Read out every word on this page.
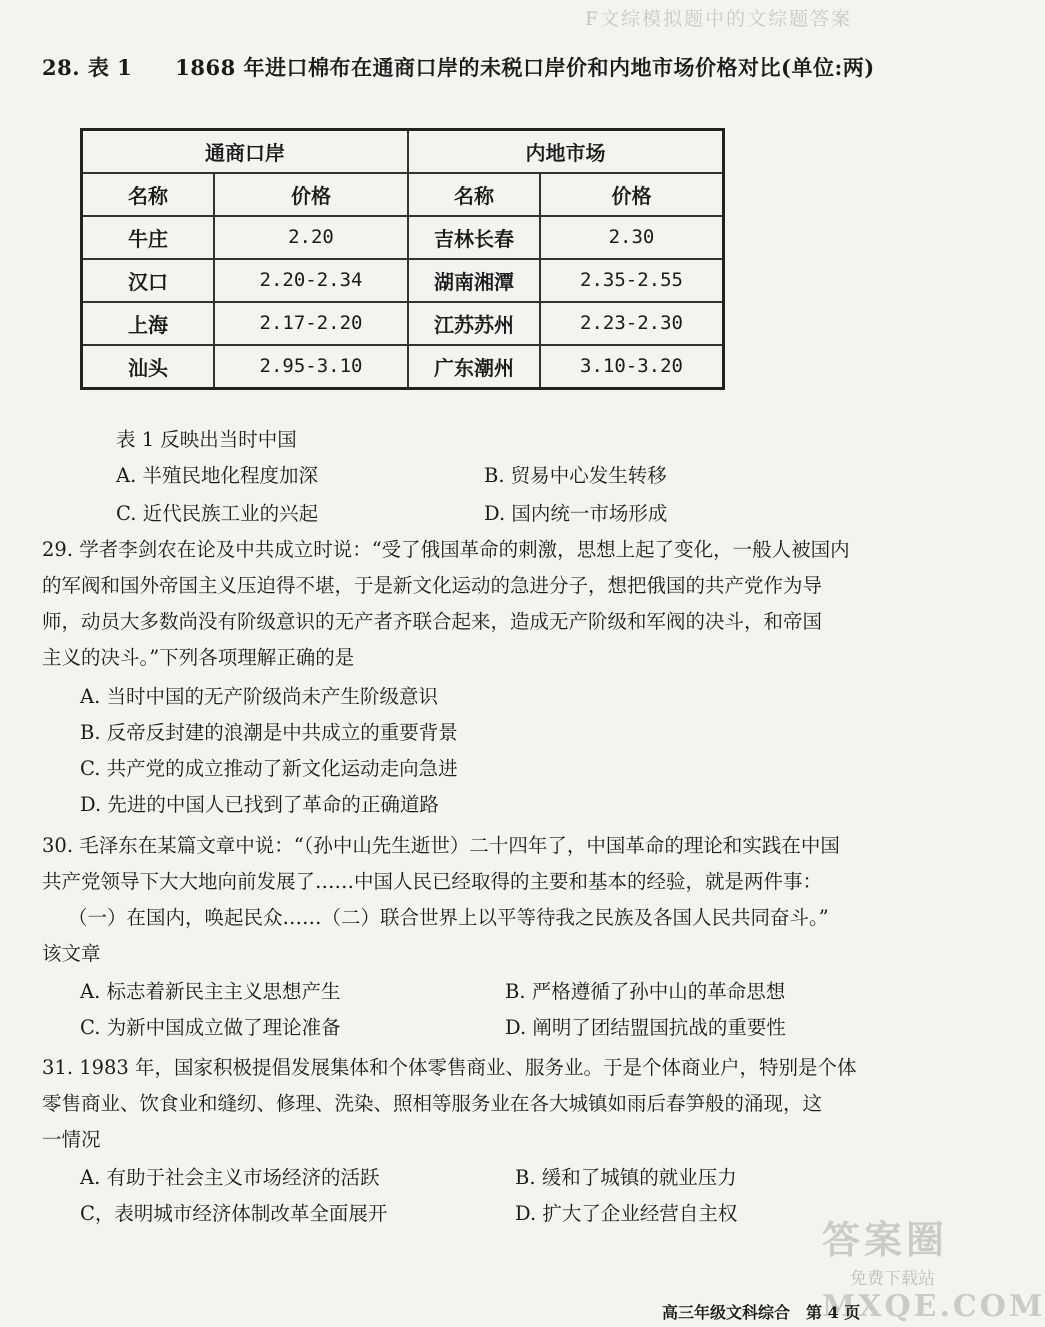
F文综模拟题中的文综题答案
28. 表 1　　1868 年进口棉布在通商口岸的未税口岸价和内地市场价格对比(单位:两)
通商口岸		内地市场	
名称	价格	名称	价格
牛庄	2.20	吉林长春	2.30
汉口	2.20-2.34	湖南湘潭	2.35-2.55
上海	2.17-2.20	江苏苏州	2.23-2.30
汕头	2.95-3.10	广东潮州	3.10-3.20
表 1 反映出当时中国
A. 半殖民地化程度加深	B. 贸易中心发生转移
C. 近代民族工业的兴起	D. 国内统一市场形成
29. 学者李剑农在论及中共成立时说：“受了俄国革命的刺激，思想上起了变化，一般人被国内
的军阀和国外帝国主义压迫得不堪，于是新文化运动的急进分子，想把俄国的共产党作为导
师，动员大多数尚没有阶级意识的无产者齐联合起来，造成无产阶级和军阀的决斗，和帝国
主义的决斗。”下列各项理解正确的是
A. 当时中国的无产阶级尚未产生阶级意识
B. 反帝反封建的浪潮是中共成立的重要背景
C. 共产党的成立推动了新文化运动走向急进
D. 先进的中国人已找到了革命的正确道路
30. 毛泽东在某篇文章中说：“（孙中山先生逝世）二十四年了，中国革命的理论和实践在中国
共产党领导下大大地向前发展了……中国人民已经取得的主要和基本的经验，就是两件事：
（一）在国内，唤起民众……（二）联合世界上以平等待我之民族及各国人民共同奋斗。”
该文章
A. 标志着新民主主义思想产生	B. 严格遵循了孙中山的革命思想
C. 为新中国成立做了理论准备	D. 阐明了团结盟国抗战的重要性
31. 1983 年，国家积极提倡发展集体和个体零售商业、服务业。于是个体商业户，特别是个体
零售商业、饮食业和缝纫、修理、洗染、照相等服务业在各大城镇如雨后春笋般的涌现，这
一情况
A. 有助于社会主义市场经济的活跃	B. 缓和了城镇的就业压力
C，表明城市经济体制改革全面展开	D. 扩大了企业经营自主权
答案圈
免费下载站
MXQE.COM
高三年级文科综合　第 4 页
